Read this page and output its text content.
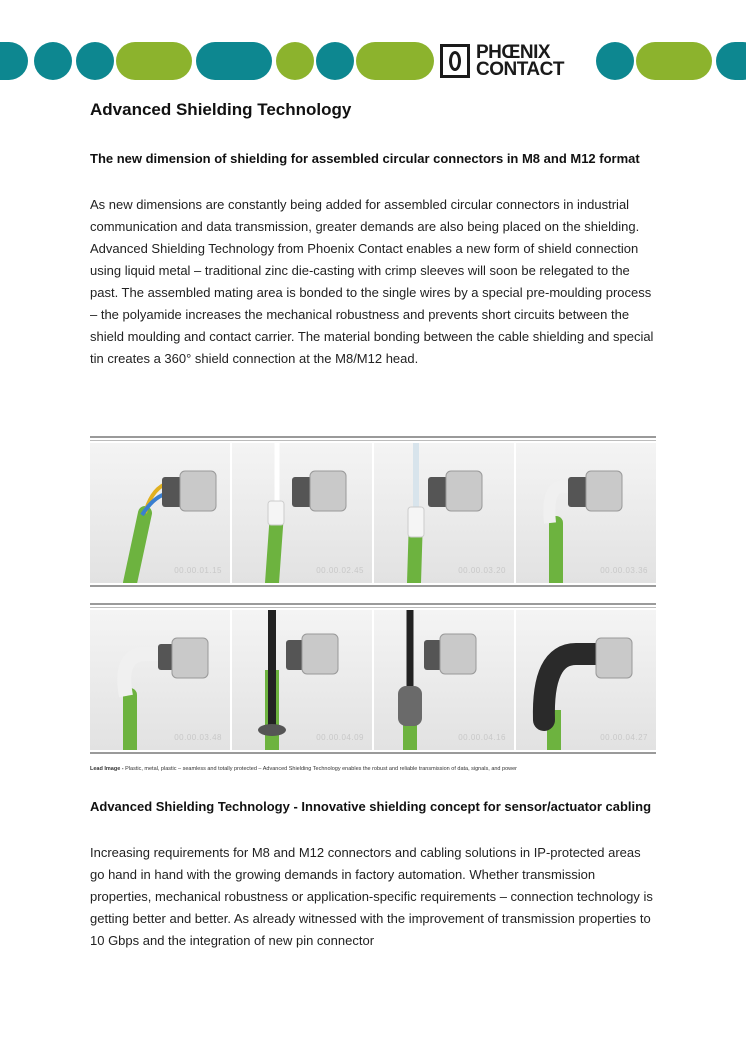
PHŒNIX
CONTACT
Advanced Shielding Technology
The new dimension of shielding for assembled circular connectors in M8 and M12 format

As new dimensions are constantly being added for assembled circular connectors in industrial communication and data transmission, greater demands are also being placed on the shielding. Advanced Shielding Technology from Phoenix Contact enables a new form of shield connection using liquid metal – traditional zinc die-casting with crimp sleeves will soon be relegated to the past. The assembled mating area is bonded to the single wires by a special pre-moulding process – the polyamide increases the mechanical robustness and prevents short circuits between the shield moulding and contact carrier. The material bonding between the cable shielding and special tin creates a 360° shield connection at the M8/M12 head.

00.00.01.15	00.00.02.45	00.00.03.20	00.00.03.36
00.00.03.48	00.00.04.09	00.00.04.16	00.00.04.27
Lead Image - Plastic, metal, plastic – seamless and totally protected – Advanced Shielding Technology enables the robust and reliable transmission of data, signals, and power
Advanced Shielding Technology - Innovative shielding concept for sensor/actuator cabling

Increasing requirements for M8 and M12 connectors and cabling solutions in IP-protected areas go hand in hand with the growing demands in factory automation. Whether transmission properties, mechanical robustness or application-specific requirements – connection technology is getting better and better. As already witnessed with the improvement of transmission properties to 10 Gbps and the integration of new pin connector
